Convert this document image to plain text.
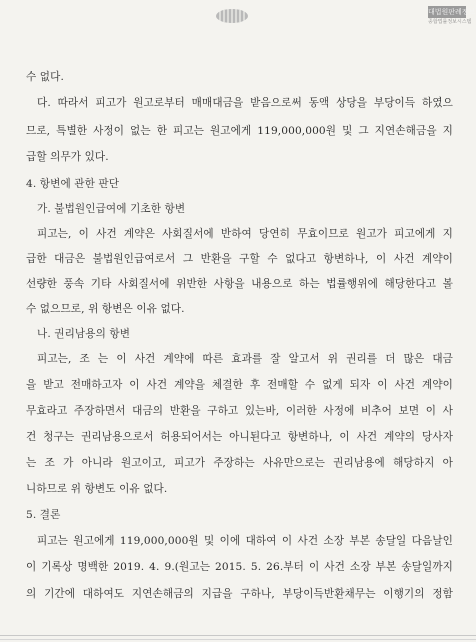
대법원판례정보
종합법률정보시스템
수 없다.
다. 따라서 피고가 원고로부터 매매대금을 받음으로써 동액 상당을 부당이득 하였으
므로, 특별한 사정이 없는 한 피고는 원고에게 119,000,000원 및 그 지연손해금을 지
급할 의무가 있다.
4. 항변에 관한 판단
가. 불법원인급여에 기초한 항변
피고는, 이 사건 계약은 사회질서에 반하여 당연히 무효이므로 원고가 피고에게 지
급한 대금은 불법원인급여로서 그 반환을 구할 수 없다고 항변하나, 이 사건 계약이
선량한 풍속 기타 사회질서에 위반한 사항을 내용으로 하는 법률행위에 해당한다고 볼
수 없으므로, 위 항변은 이유 없다.
나. 권리남용의 항변
피고는, 조 는 이 사건 계약에 따른 효과를 잘 알고서 위 권리를 더 많은 대금
을 받고 전매하고자 이 사건 계약을 체결한 후 전매할 수 없게 되자 이 사건 계약이
무효라고 주장하면서 대금의 반환을 구하고 있는바, 이러한 사정에 비추어 보면 이 사
건 청구는 권리남용으로서 허용되어서는 아니된다고 항변하나, 이 사건 계약의 당사자
는 조 가 아니라 원고이고, 피고가 주장하는 사유만으로는 권리남용에 해당하지 아
니하므로 위 항변도 이유 없다.
5. 결론
피고는 원고에게 119,000,000원 및 이에 대하여 이 사건 소장 부본 송달일 다음날인
이 기록상 명백한 2019. 4. 9.(원고는 2015. 5. 26.부터 이 사건 소장 부본 송달일까지
의 기간에 대하여도 지연손해금의 지급을 구하나, 부당이득반환채무는 이행기의 정함
